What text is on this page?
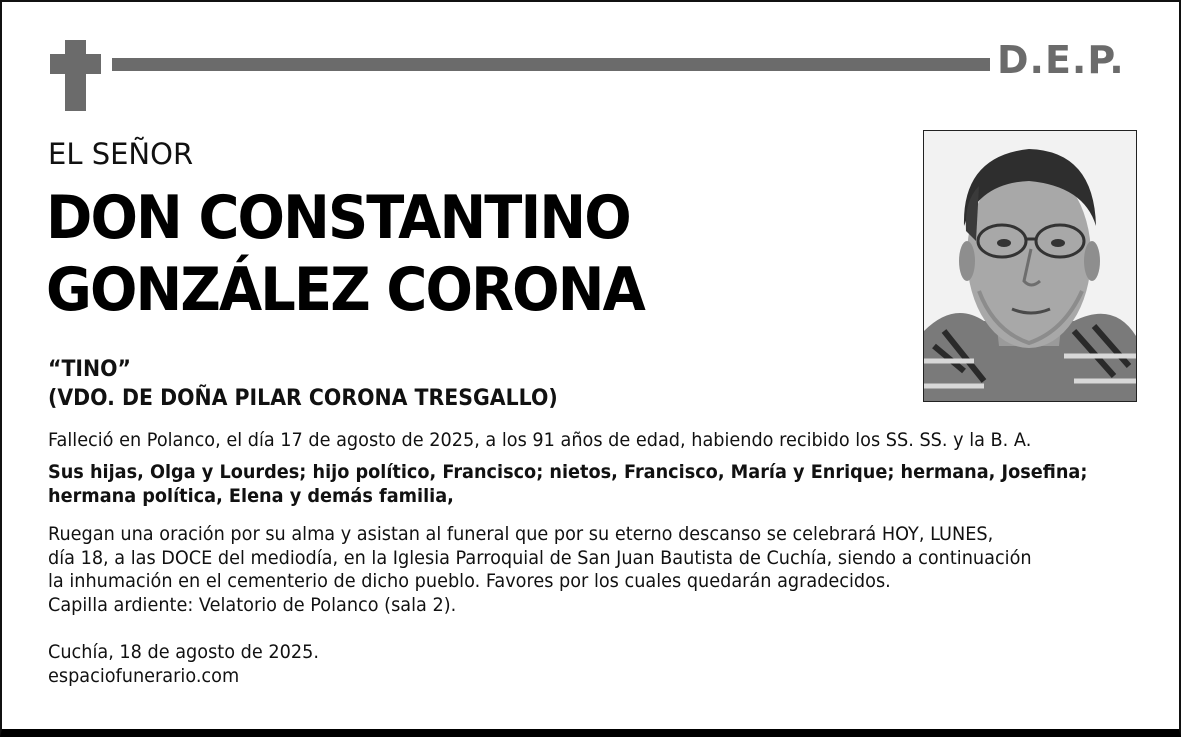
D.E.P.
EL SEÑOR
DON CONSTANTINO
GONZÁLEZ CORONA
“TINO”
(VDO. DE DOÑA PILAR CORONA TRESGALLO)
Falleció en Polanco, el día 17 de agosto de 2025, a los 91 años de edad, habiendo recibido los SS. SS. y la B. A.
Sus hijas, Olga y Lourdes; hijo político, Francisco; nietos, Francisco, María y Enrique; hermana, Josefina;
hermana política, Elena y demás familia,
Ruegan una oración por su alma y asistan al funeral que por su eterno descanso se celebrará HOY, LUNES,
día 18, a las DOCE del mediodía, en la Iglesia Parroquial de San Juan Bautista de Cuchía, siendo a continuación
la inhumación en el cementerio de dicho pueblo. Favores por los cuales quedarán agradecidos.
Capilla ardiente: Velatorio de Polanco (sala 2).
Cuchía, 18 de agosto de 2025.
espaciofunerario.com
